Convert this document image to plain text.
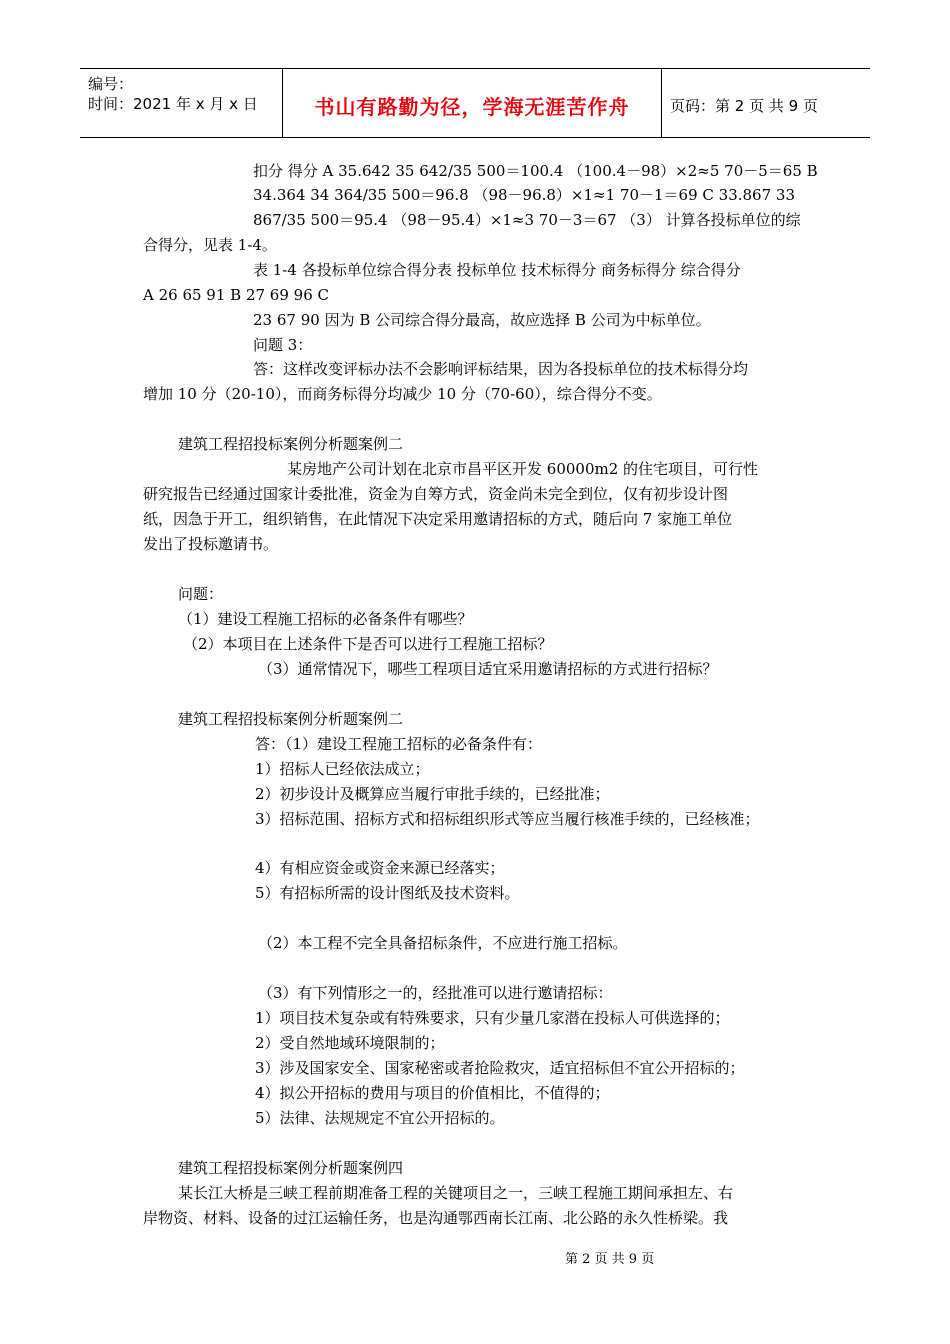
编号：
时间：2021 年 x 月 x 日	书山有路勤为径，学海无涯苦作舟	页码：第 2 页 共 9 页
扣分 得分 A 35.642 35 642/35 500＝100.4 （100.4－98）×2≈5 70－5＝65 B
34.364 34 364/35 500＝96.8 （98－96.8）×1≈1 70－1＝69 C 33.867 33
867/35 500＝95.4 （98－95.4）×1≈3 70－3＝67 （3） 计算各投标单位的综
合得分，见表 1-4。
表 1-4 各投标单位综合得分表 投标单位 技术标得分 商务标得分 综合得分
A 26 65 91 B 27 69 96 C
23 67 90 因为 B 公司综合得分最高，故应选择 B 公司为中标单位。
问题 3：
答：这样改变评标办法不会影响评标结果，因为各投标单位的技术标得分均
增加 10 分（20-10），而商务标得分均减少 10 分（70-60），综合得分不变。
建筑工程招投标案例分析题案例二
某房地产公司计划在北京市昌平区开发 60000m2 的住宅项目，可行性
研究报告已经通过国家计委批准，资金为自筹方式，资金尚未完全到位，仅有初步设计图
纸，因急于开工，组织销售，在此情况下决定采用邀请招标的方式，随后向 7 家施工单位
发出了投标邀请书。
问题：
（1）建设工程施工招标的必备条件有哪些？
（2）本项目在上述条件下是否可以进行工程施工招标？
（3）通常情况下，哪些工程项目适宜采用邀请招标的方式进行招标？
建筑工程招投标案例分析题案例二
答：（1）建设工程施工招标的必备条件有：
1）招标人已经依法成立；
2）初步设计及概算应当履行审批手续的，已经批准；
3）招标范围、招标方式和招标组织形式等应当履行核准手续的，已经核准；
4）有相应资金或资金来源已经落实；
5）有招标所需的设计图纸及技术资料。
（2）本工程不完全具备招标条件，不应进行施工招标。
（3）有下列情形之一的，经批准可以进行邀请招标：
1）项目技术复杂或有特殊要求，只有少量几家潜在投标人可供选择的；
2）受自然地域环境限制的；
3）涉及国家安全、国家秘密或者抢险救灾，适宜招标但不宜公开招标的；
4）拟公开招标的费用与项目的价值相比，不值得的；
5）法律、法规规定不宜公开招标的。
建筑工程招投标案例分析题案例四
某长江大桥是三峡工程前期准备工程的关键项目之一，三峡工程施工期间承担左、右
岸物资、材料、设备的过江运输任务，也是沟通鄂西南长江南、北公路的永久性桥梁。我
第 2 页 共 9 页
